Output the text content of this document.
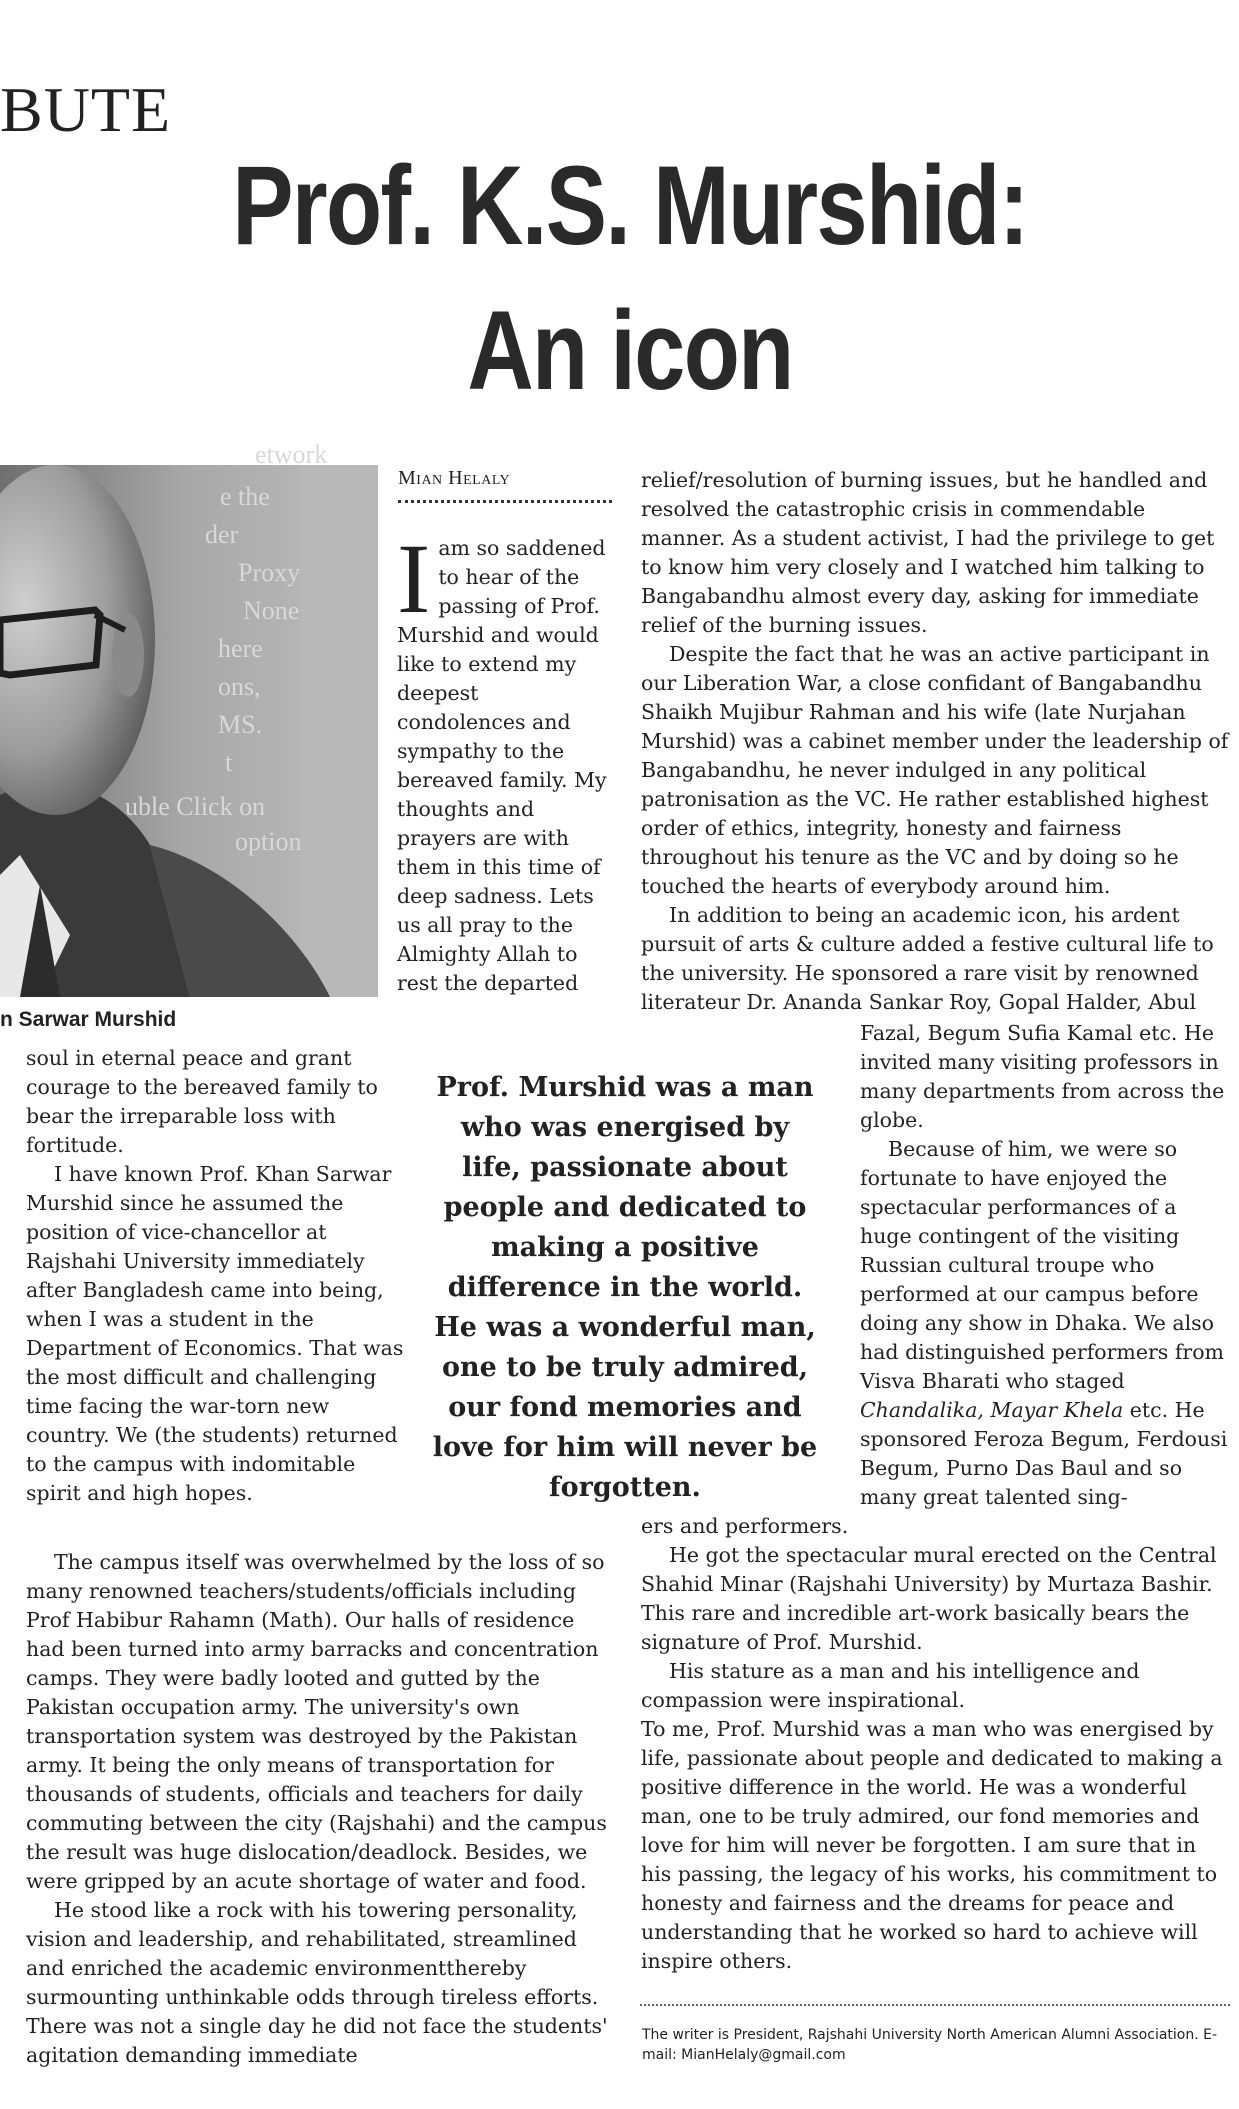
BUTE
Prof. K.S. Murshid:
An icon
etwork
e the
der
Proxy
None
here
ons,
MS.
t
uble Click on
option
n Sarwar Murshid
Mian Helaly

Iam so saddened to hear of the passing of Prof. Murshid and would like to extend my deepest condolences and sympathy to the bereaved family. My thoughts and prayers are with them in this time of deep sadness. Lets us all pray to the Almighty Allah to rest the departed

soul in eternal peace and grant courage to the bereaved family to bear the irreparable loss with fortitude.

I have known Prof. Khan Sarwar Murshid since he assumed the position of vice-chancellor at Rajshahi University immediately after Bangladesh came into being, when I was a student in the Department of Economics. That was the most difficult and challenging time facing the war-torn new country. We (the students) returned to the campus with indomitable spirit and high hopes.

Prof. Murshid was a man who was energised by life, passionate about people and dedicated to making a positive difference in the world. He was a wonderful man, one to be truly admired, our fond memories and love for him will never be forgotten.

The campus itself was overwhelmed by the loss of so many renowned teachers/students/officials including Prof Habibur Rahamn (Math). Our halls of residence had been turned into army barracks and concentration camps. They were badly looted and gutted by the Pakistan occupation army. The university's own transportation system was destroyed by the Pakistan army. It being the only means of transportation for thousands of students, officials and teachers for daily commuting between the city (Rajshahi) and the campus the result was huge dislocation/deadlock. Besides, we were gripped by an acute shortage of water and food.

He stood like a rock with his towering personality, vision and leadership, and rehabilitated, streamlined and enriched the academic environmentthereby surmounting unthinkable odds through tireless efforts. There was not a single day he did not face the students' agitation demanding immediate

relief/resolution of burning issues, but he handled and resolved the catastrophic crisis in commendable manner. As a student activist, I had the privilege to get to know him very closely and I watched him talking to Bangabandhu almost every day, asking for immediate relief of the burning issues.

Despite the fact that he was an active participant in our Liberation War, a close confidant of Bangabandhu Shaikh Mujibur Rahman and his wife (late Nurjahan Murshid) was a cabinet member under the leadership of Bangabandhu, he never indulged in any political patronisation as the VC. He rather established highest order of ethics, integrity, honesty and fairness throughout his tenure as the VC and by doing so he touched the hearts of everybody around him.

In addition to being an academic icon, his ardent pursuit of arts & culture added a festive cultural life to the university. He sponsored a rare visit by renowned literateur Dr. Ananda Sankar Roy, Gopal Halder, Abul

Fazal, Begum Sufia Kamal etc. He invited many visiting professors in many departments from across the globe.

Because of him, we were so fortunate to have enjoyed the spectacular performances of a huge contingent of the visiting Russian cultural troupe who performed at our campus before doing any show in Dhaka. We also had distinguished performers from Visva Bharati who staged Chandalika, Mayar Khela etc. He sponsored Feroza Begum, Ferdousi Begum, Purno Das Baul and so many great talented sing-

ers and performers.

He got the spectacular mural erected on the Central Shahid Minar (Rajshahi University) by Murtaza Bashir. This rare and incredible art-work basically bears the signature of Prof. Murshid.

His stature as a man and his intelligence and compassion were inspirational.

To me, Prof. Murshid was a man who was energised by life, passionate about people and dedicated to making a positive difference in the world. He was a wonderful man, one to be truly admired, our fond memories and love for him will never be forgotten. I am sure that in his passing, the legacy of his works, his commitment to honesty and fairness and the dreams for peace and understanding that he worked so hard to achieve will inspire others.

The writer is President, Rajshahi University North American Alumni Association. E-mail: MianHelaly@gmail.com
